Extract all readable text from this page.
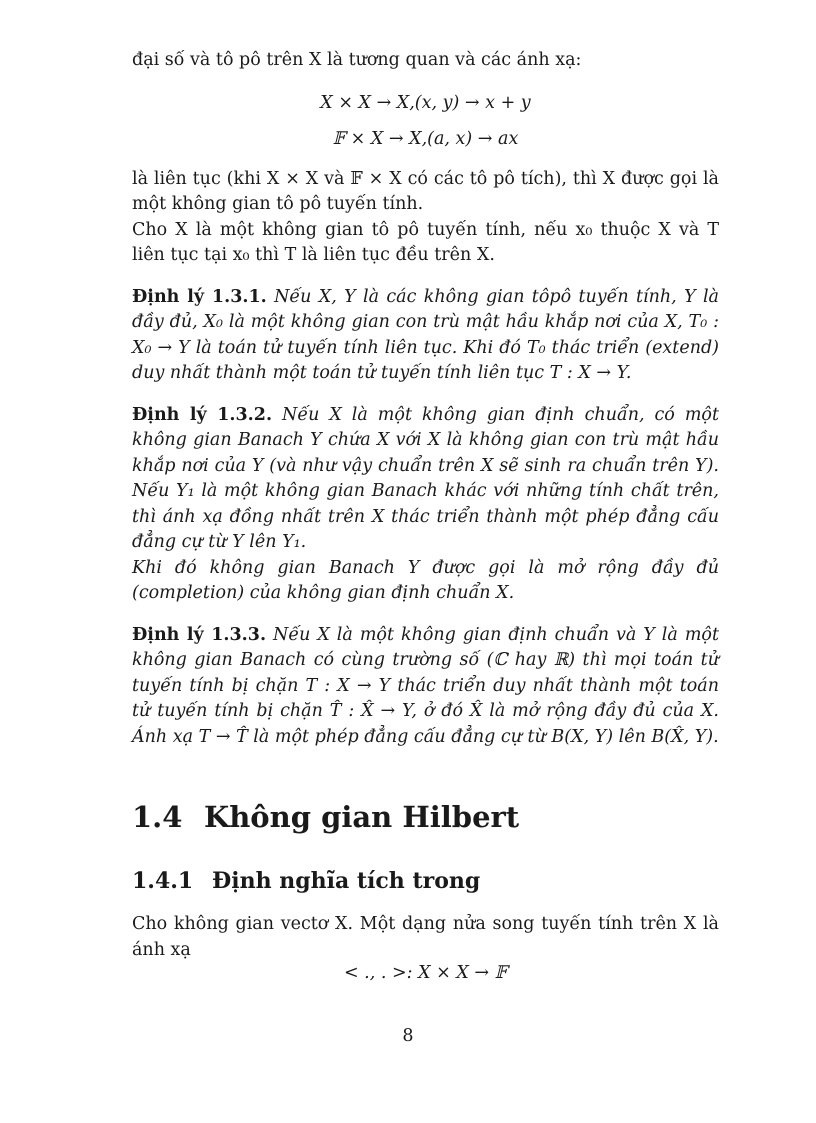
đại số và tô pô trên X là tương quan và các ánh xạ:

X × X → X,(x, y) → x + y
𝔽 × X → X,(a, x) → ax

là liên tục (khi X × X và 𝔽 × X có các tô pô tích), thì X được gọi là một không gian tô pô tuyến tính.

Cho X là một không gian tô pô tuyến tính, nếu x₀ thuộc X và T liên tục tại x₀ thì T là liên tục đều trên X.

Định lý 1.3.1. Nếu X, Y là các không gian tôpô tuyến tính, Y là đầy đủ, X₀ là một không gian con trù mật hầu khắp nơi của X, T₀ : X₀ → Y là toán tử tuyến tính liên tục. Khi đó T₀ thác triển (extend) duy nhất thành một toán tử tuyến tính liên tục T : X → Y.

Định lý 1.3.2. Nếu X là một không gian định chuẩn, có một không gian Banach Y chứa X với X là không gian con trù mật hầu khắp nơi của Y (và như vậy chuẩn trên X sẽ sinh ra chuẩn trên Y). Nếu Y₁ là một không gian Banach khác với những tính chất trên, thì ánh xạ đồng nhất trên X thác triển thành một phép đẳng cấu đẳng cự từ Y lên Y₁.

Khi đó không gian Banach Y được gọi là mở rộng đầy đủ (completion) của không gian định chuẩn X.

Định lý 1.3.3. Nếu X là một không gian định chuẩn và Y là một không gian Banach có cùng trường số (ℂ hay ℝ) thì mọi toán tử tuyến tính bị chặn T : X → Y thác triển duy nhất thành một toán tử tuyến tính bị chặn T̂ : X̂ → Y, ở đó X̂ là mở rộng đầy đủ của X. Ánh xạ T → T̂ là một phép đẳng cấu đẳng cự từ B(X, Y) lên B(X̂, Y).

1.4 Không gian Hilbert
1.4.1 Định nghĩa tích trong

Cho không gian vectơ X. Một dạng nửa song tuyến tính trên X là ánh xạ

< ., . >: X × X → 𝔽
8
